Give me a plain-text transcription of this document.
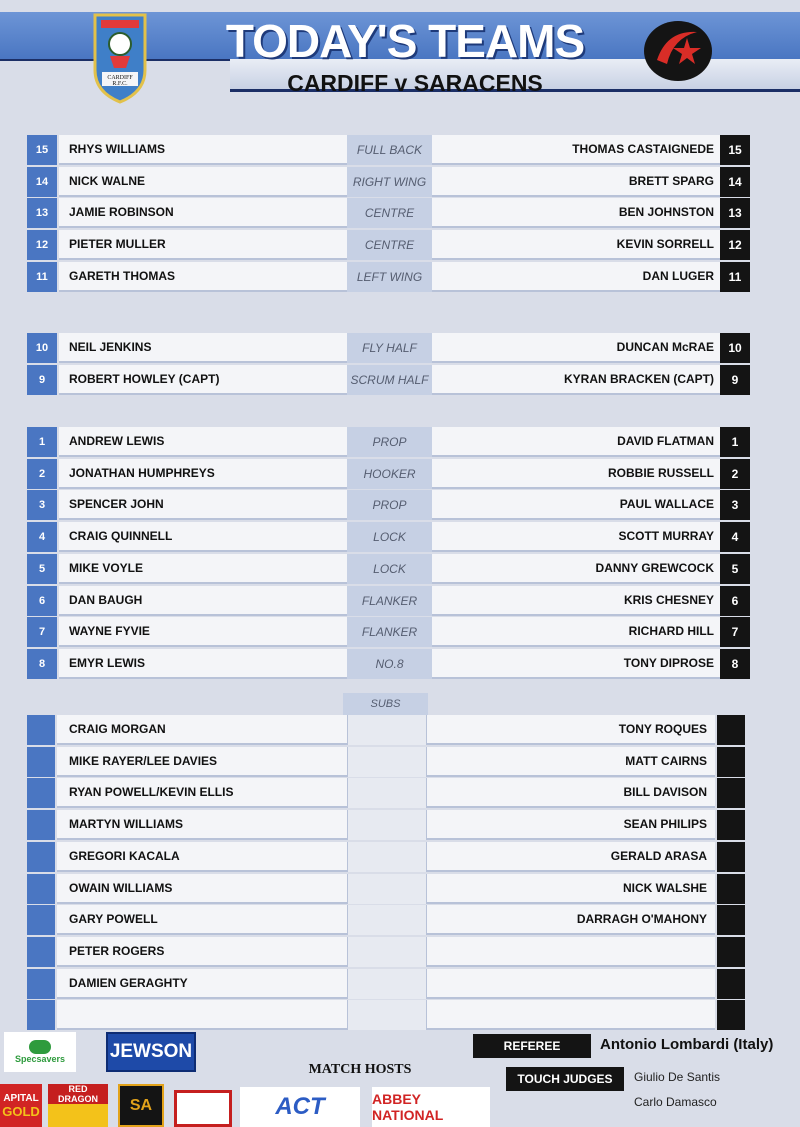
TODAY'S TEAMS
CARDIFF v SARACENS
CARDIFF
R.F.C.
15	RHYS WILLIAMS	FULL BACK	THOMAS CASTAIGNEDE	15
14	NICK WALNE	RIGHT WING	BRETT SPARG	14
13	JAMIE ROBINSON	CENTRE	BEN JOHNSTON	13
12	PIETER MULLER	CENTRE	KEVIN SORRELL	12
11	GARETH THOMAS	LEFT WING	DAN LUGER	11
10	NEIL JENKINS	FLY HALF	DUNCAN McRAE	10
9	ROBERT HOWLEY (CAPT)	SCRUM HALF	KYRAN BRACKEN (CAPT)	9
1	ANDREW LEWIS	PROP	DAVID FLATMAN	1
2	JONATHAN HUMPHREYS	HOOKER	ROBBIE RUSSELL	2
3	SPENCER JOHN	PROP	PAUL WALLACE	3
4	CRAIG QUINNELL	LOCK	SCOTT MURRAY	4
5	MIKE VOYLE	LOCK	DANNY GREWCOCK	5
6	DAN BAUGH	FLANKER	KRIS CHESNEY	6
7	WAYNE FYVIE	FLANKER	RICHARD HILL	7
8	EMYR LEWIS	NO.8	TONY DIPROSE	8
SUBS
CRAIG MORGAN	TONY ROQUES
MIKE RAYER/LEE DAVIES	MATT CAIRNS
RYAN POWELL/KEVIN ELLIS	BILL DAVISON
MARTYN WILLIAMS	SEAN PHILIPS
GREGORI KACALA	GERALD ARASA
OWAIN WILLIAMS	NICK WALSHE
GARY POWELL	DARRAGH O'MAHONY
PETER ROGERS
DAMIEN GERAGHTY
Specsavers JEWSON
APITAL
GOLD
RED DRAGON	SA
MATCH HOSTS
ACT	ABBEY NATIONAL
REFEREE	Antonio Lombardi (Italy)
TOUCH JUDGES	Giulio De Santis
Carlo Damasco
